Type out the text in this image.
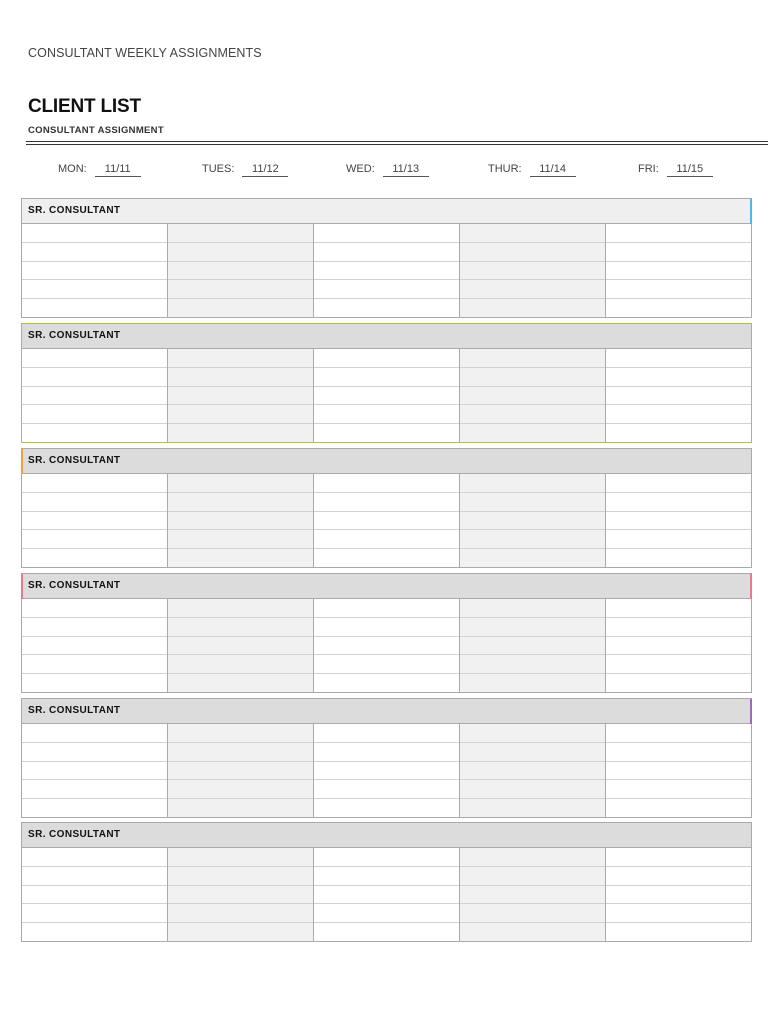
CONSULTANT WEEKLY ASSIGNMENTS
CLIENT LIST
CONSULTANT ASSIGNMENT
MON: 11/11	TUES: 11/12	WED: 11/13	THUR: 11/14	FRI: 11/15
SR. CONSULTANT
SR. CONSULTANT
SR. CONSULTANT
SR. CONSULTANT
SR. CONSULTANT
SR. CONSULTANT
